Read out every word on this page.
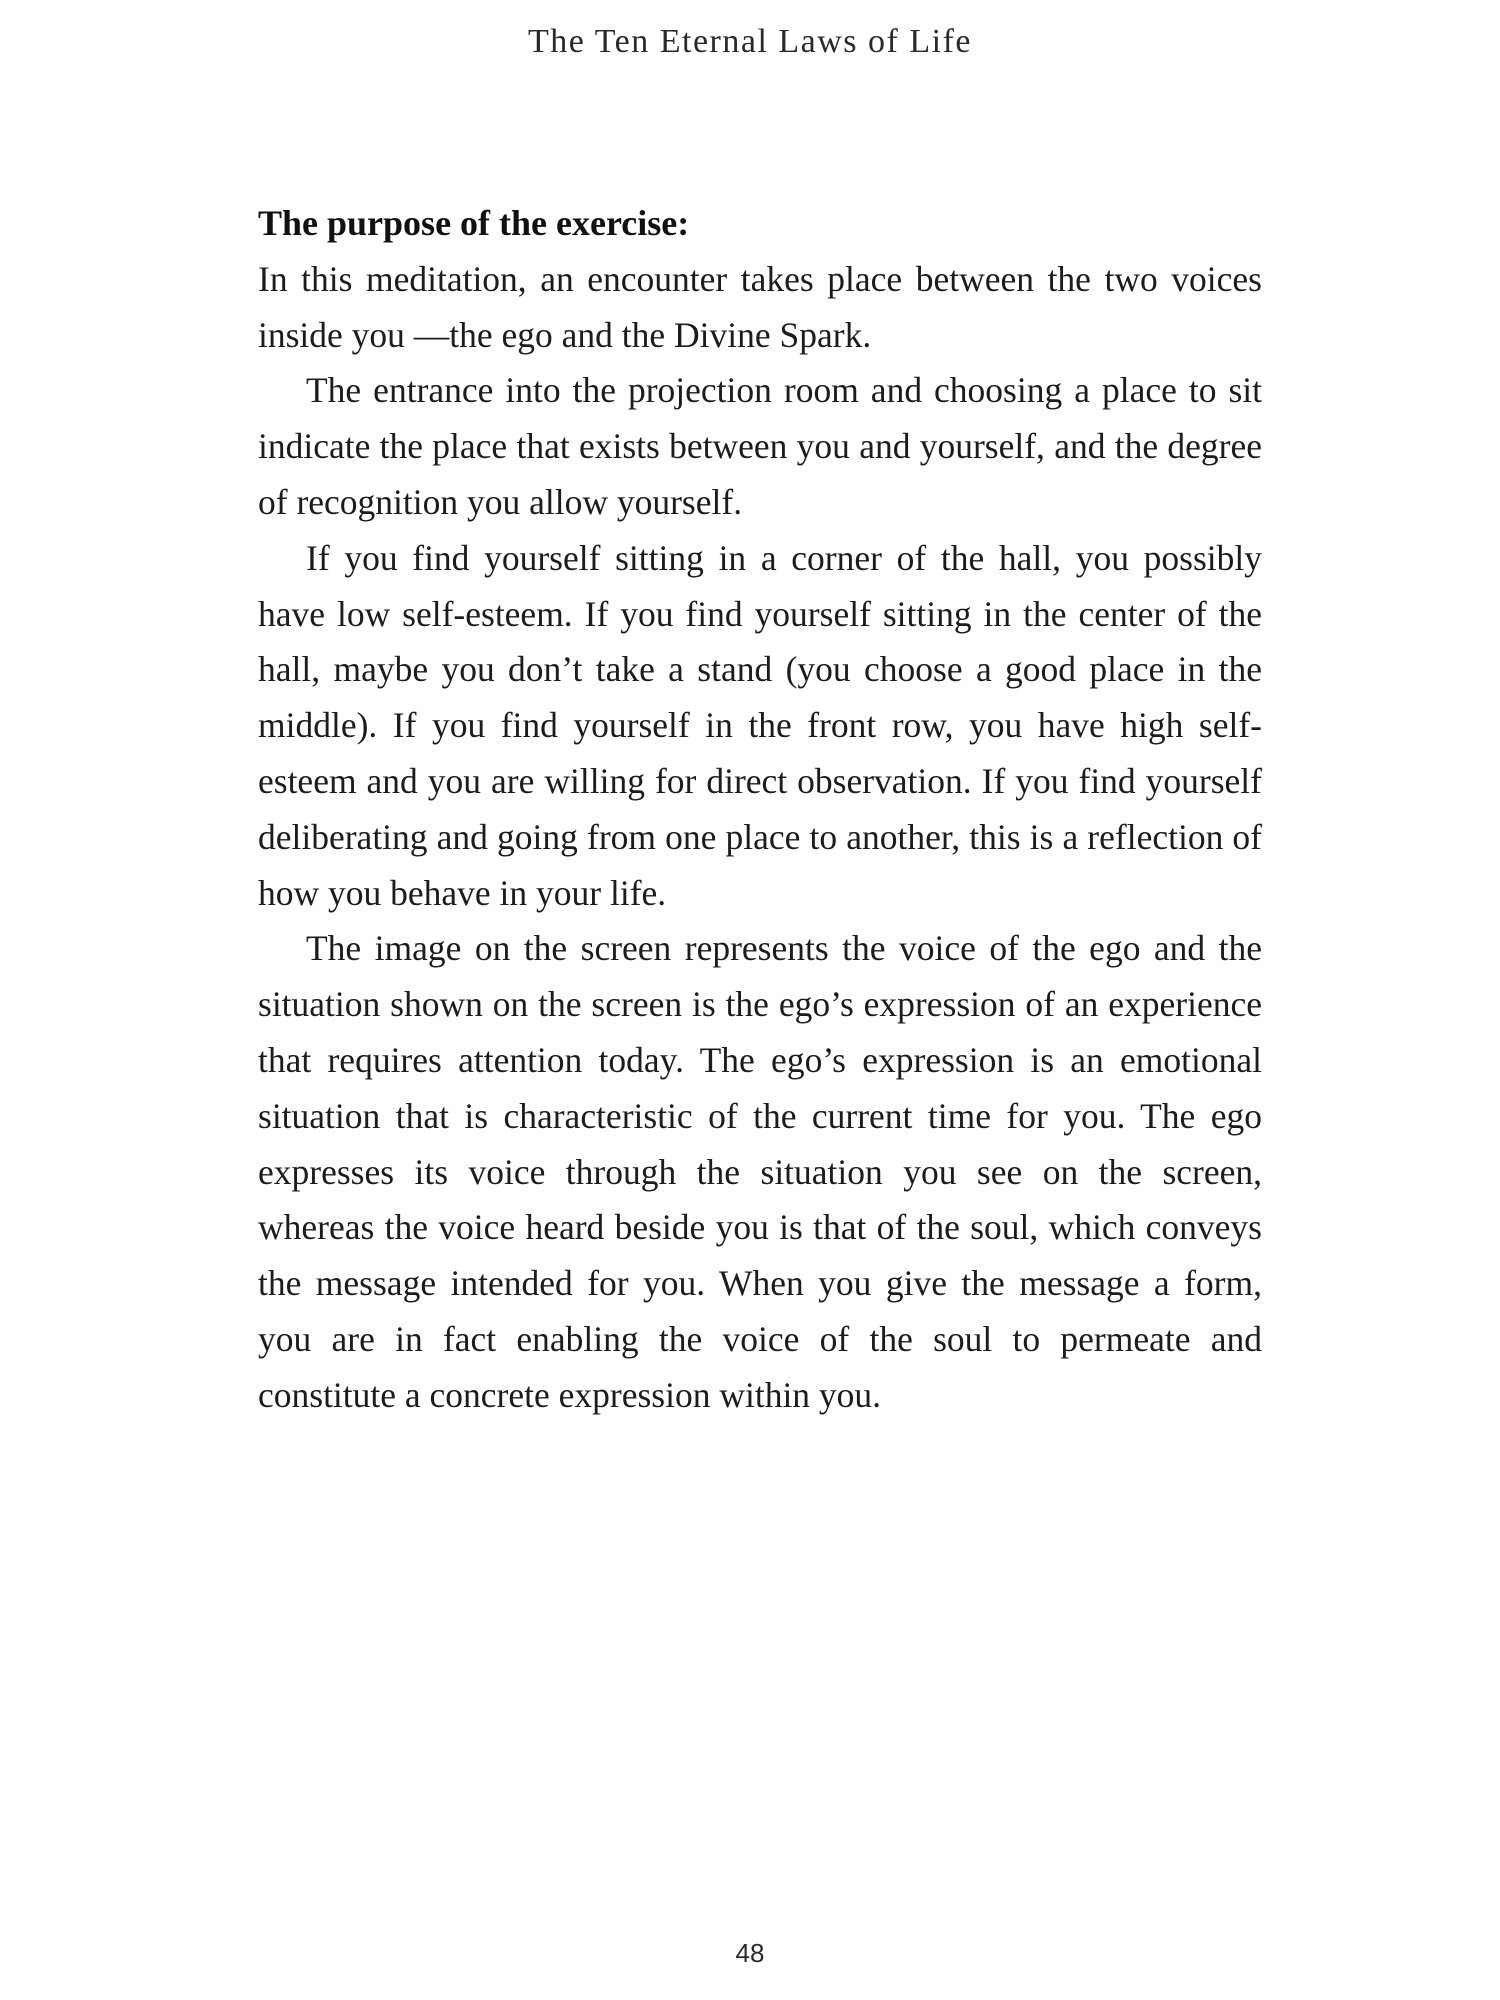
The Ten Eternal Laws of Life

The purpose of the exercise:

In this meditation, an encounter takes place between the two voices inside you —the ego and the Divine Spark.

The entrance into the projection room and choosing a place to sit indicate the place that exists between you and yourself, and the degree of recognition you allow yourself.

If you find yourself sitting in a corner of the hall, you possibly have low self-esteem. If you find yourself sitting in the center of the hall, maybe you don’t take a stand (you choose a good place in the middle). If you find yourself in the front row, you have high self-esteem and you are willing for direct observation. If you find yourself deliberating and going from one place to another, this is a reflection of how you behave in your life.

The image on the screen represents the voice of the ego and the situation shown on the screen is the ego’s expression of an experience that requires attention today. The ego’s expression is an emotional situation that is characteristic of the current time for you. The ego expresses its voice through the situation you see on the screen, whereas the voice heard beside you is that of the soul, which conveys the message intended for you. When you give the message a form, you are in fact enabling the voice of the soul to permeate and constitute a concrete expression within you.

48
